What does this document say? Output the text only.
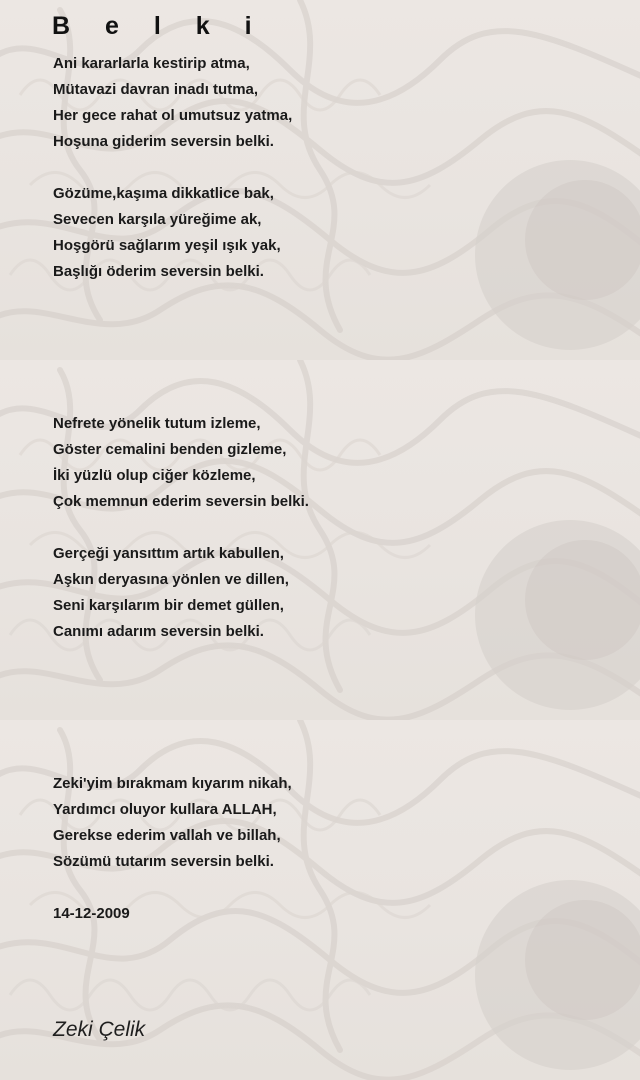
B e l k i
Ani kararlarla kestirip atma,
Mütavazi davran inadı tutma,
Her gece rahat ol umutsuz yatma,
Hoşuna giderim seversin belki.
Gözüme,kaşıma dikkatlice bak,
Sevecen karşıla yüreğime ak,
Hoşgörü sağlarım yeşil ışık yak,
Başlığı öderim seversin belki.
Nefrete yönelik tutum izleme,
Göster cemalini benden gizleme,
İki yüzlü olup ciğer közleme,
Çok memnun ederim seversin belki.
Gerçeği yansıttım artık kabullen,
Aşkın deryasına yönlen ve dillen,
Seni karşılarım bir demet güllen,
Canımı adarım seversin belki.
Zeki'yim bırakmam kıyarım nikah,
Yardımcı oluyor kullara ALLAH,
Gerekse ederim vallah ve billah,
Sözümü tutarım seversin belki.
14-12-2009
Zeki Çelik
